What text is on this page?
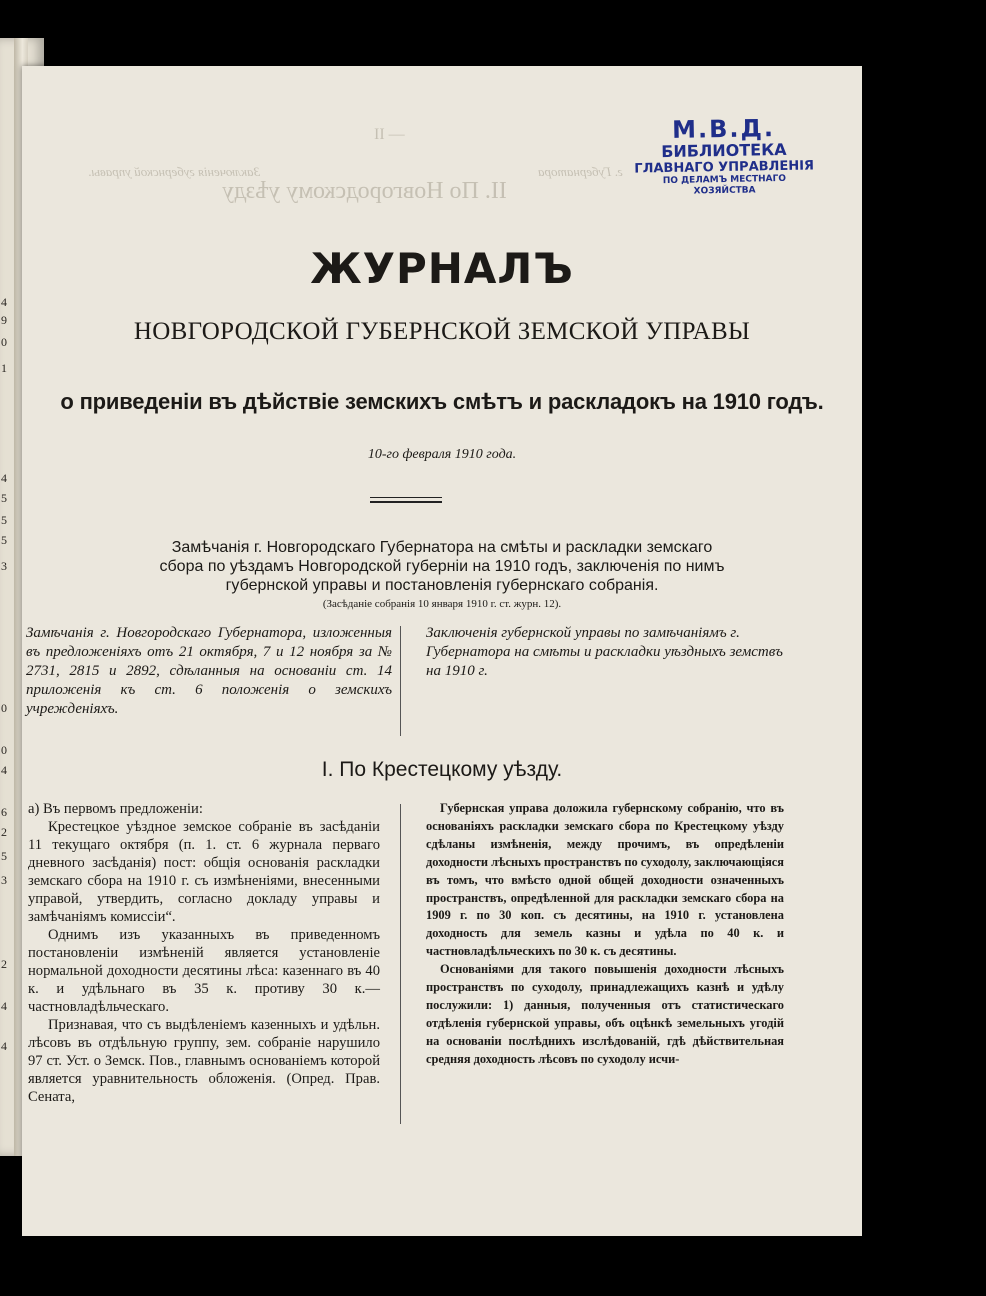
4
9
0
1
4
5
5
5
3
0
0
4
6
2
5
3
2
4
4
II —
Заключенія губернской управы.	г. Губернатора
II. По Новгородскому уѣзду
М.В.Д.
БИБЛИОТЕКА
ГЛАВНАГО УПРАВЛЕНІЯ
ПО ДЕЛАМЪ МЕСТНАГО ХОЗЯЙСТВА
ЖУРНАЛЪ
НОВГОРОДСКОЙ ГУБЕРНСКОЙ ЗЕМСКОЙ УПРАВЫ
о приведеніи въ дѣйствіе земскихъ смѣтъ и раскладокъ на 1910 годъ.
10-го февраля 1910 года.
Замѣчанія г. Новгородскаго Губернатора на смѣты и раскладки земскаго
сбора по уѣздамъ Новгородской губерніи на 1910 годъ, заключенія по нимъ
губернской управы и постановленія губернскаго собранія.
(Засѣданіе собранія 10 января 1910 г. ст. журн. 12).
Замѣчанія г. Новгородскаго Губернатора, изложенныя въ предложеніяхъ отъ 21 октября, 7 и 12 ноября за № 2731, 2815 и 2892, сдѣланныя на основаніи ст. 14 приложенія къ ст. 6 положенія о земскихъ учрежденіяхъ.
Заключенія губернской управы по замѣчаніямъ г. Губернатора на смѣты и раскладки уѣздныхъ земствъ на 1910 г.
I. По Крестецкому уѣзду.

а) Въ первомъ предложеніи:

Крестецкое уѣздное земское собраніе въ засѣданіи 11 текущаго октября (п. 1. ст. 6 журнала перваго дневного засѣданія) пост: общія основанія раскладки земскаго сбора на 1910 г. съ измѣненіями, внесенными управой, утвердить, согласно докладу управы и замѣчаніямъ комиссіи“.

Однимъ изъ указанныхъ въ приведенномъ постановленіи измѣненій является установленіе нормальной доходности десятины лѣса: казеннаго въ 40 к. и удѣльнаго въ 35 к. противу 30 к.—частновладѣльческаго.

Признавая, что съ выдѣленіемъ казенныхъ и удѣльн. лѣсовъ въ отдѣльную группу, зем. собраніе нарушило 97 ст. Уст. о Земск. Пов., главнымъ основаніемъ которой является уравнительность обложенія. (Опред. Прав. Сената,

Губернская управа доложила губернскому собранію, что въ основаніяхъ раскладки земскаго сбора по Крестецкому уѣзду сдѣланы измѣненія, между прочимъ, въ опредѣленіи доходности лѣсныхъ пространствъ по суходолу, заключающіяся въ томъ, что вмѣсто одной общей доходности означенныхъ пространствъ, опредѣленной для раскладки земскаго сбора на 1909 г. по 30 коп. съ десятины, на 1910 г. установлена доходность для земель казны и удѣла по 40 к. и частновладѣльческихъ по 30 к. съ десятины.

Основаніями для такого повышенія доходности лѣсныхъ пространствъ по суходолу, принадлежащихъ казнѣ и удѣлу послужили: 1) данныя, полученныя отъ статистическаго отдѣленія губернской управы, объ оцѣнкѣ земельныхъ угодій на основаніи послѣднихъ изслѣдованій, гдѣ дѣйствительная средняя доходность лѣсовъ по суходолу исчи-
